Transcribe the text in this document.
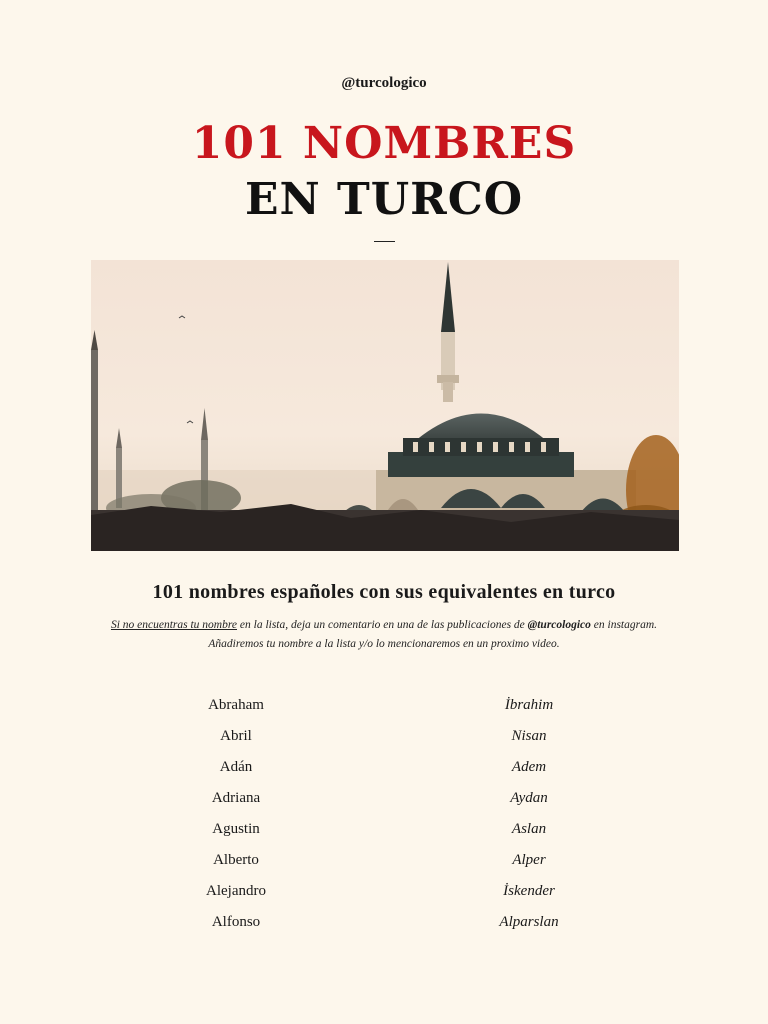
@turcologico
101 NOMBRES
EN TURCO
101 nombres españoles con sus equivalentes en turco
Si no encuentras tu nombre en la lista, deja un comentario en una de las publicaciones de @turcologico en instagram.
Añadiremos tu nombre a la lista y/o lo mencionaremos en un proximo video.
Abraham	İbrahim
Abril	Nisan
Adán	Adem
Adriana	Aydan
Agustin	Aslan
Alberto	Alper
Alejandro	İskender
Alfonso	Alparslan
